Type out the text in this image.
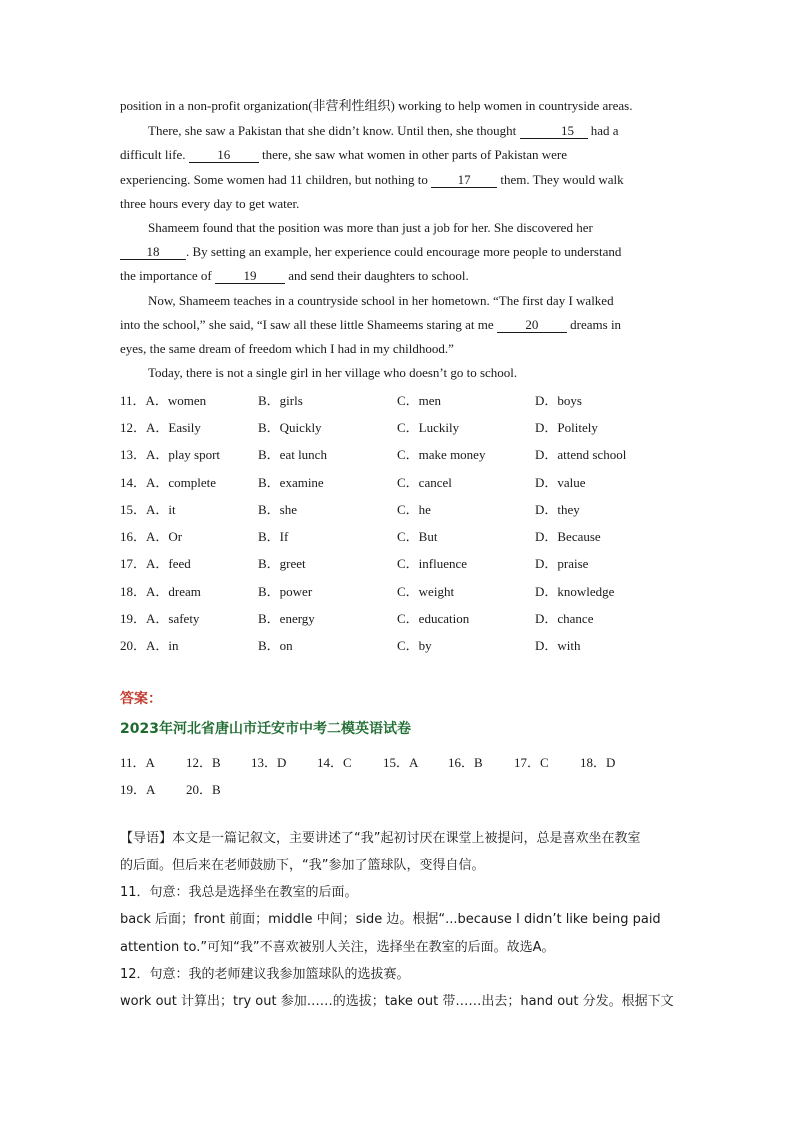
position in a non-profit organization(非营利性组织) working to help women in countryside areas.
There, she saw a Pakistan that she didn’t know. Until then, she thought	15 had a
difficult life. 16 there, she saw what women in other parts of Pakistan were
experiencing. Some women had 11 children, but nothing to 17 them. They would walk
three hours every day to get water.
Shameem found that the position was more than just a job for her. She discovered her
18 . By setting an example, her experience could encourage more people to understand
the importance of 19 and send their daughters to school.
Now, Shameem teaches in a countryside school in her hometown. “The first day I walked
into the school,” she said, “I saw all these little Shameems staring at me 20 dreams in
eyes, the same dream of freedom which I had in my childhood.”
Today, there is not a single girl in her village who doesn’t go to school.
11．A．women	B．girls	C．men	D．boys
12．A．Easily	B．Quickly	C．Luckily	D．Politely
13．A．play sport	B．eat lunch	C．make money	D．attend school
14．A．complete	B．examine	C．cancel	D．value
15．A．it	B．she	C．he	D．they
16．A．Or	B．If	C．But	D．Because
17．A．feed	B．greet	C．influence	D．praise
18．A．dream	B．power	C．weight	D．knowledge
19．A．safety	B．energy	C．education	D．chance
20．A．in	B．on	C．by	D．with
答案：
2023年河北省唐山市迁安市中考二模英语试卷
11．A 12．B 13．D 14．C 15．A 16．B 17．C 18．D
19．A 20．B
【导语】本文是一篇记叙文，主要讲述了“我”起初讨厌在课堂上被提问，总是喜欢坐在教室
的后面。但后来在老师鼓励下，“我”参加了篮球队，变得自信。
11．句意：我总是选择坐在教室的后面。
back 后面；front 前面；middle 中间；side 边。根据“...because I didn’t like being paid
attention to.”可知“我”不喜欢被别人关注，选择坐在教室的后面。故选A。
12．句意：我的老师建议我参加篮球队的选拔赛。
work out 计算出；try out 参加……的选拔；take out 带……出去；hand out 分发。根据下文
